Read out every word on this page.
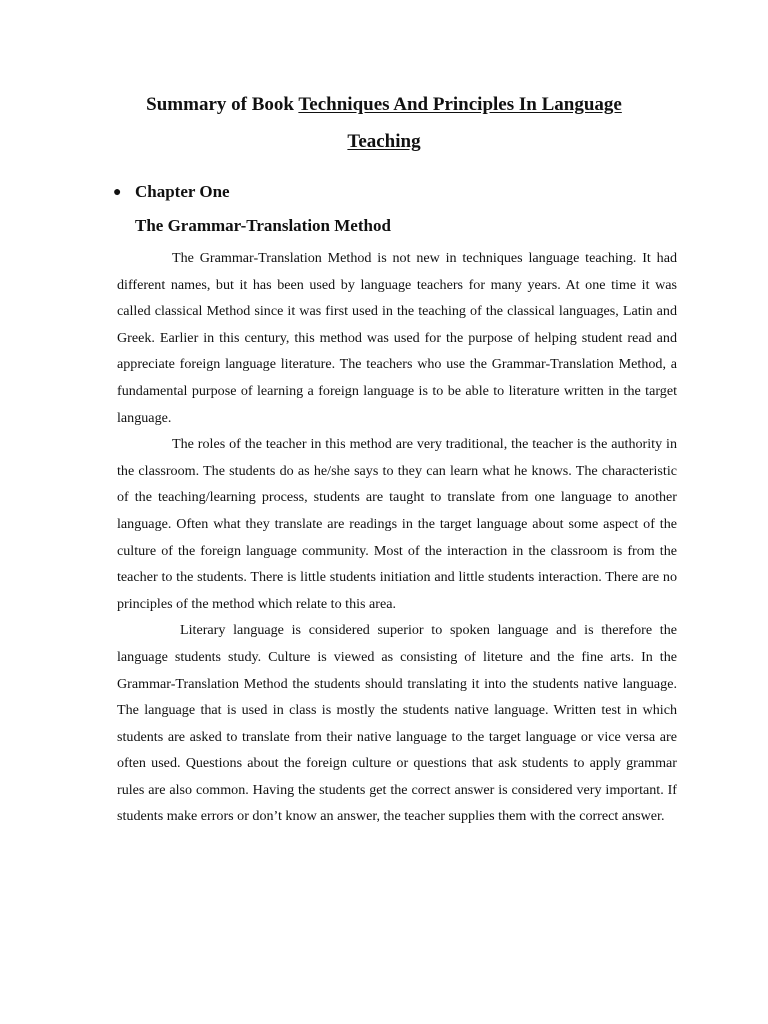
Summary of Book Techniques And Principles In Language
Teaching
● Chapter One
The Grammar-Translation Method

The Grammar-Translation Method is not new in techniques language teaching. It had different names, but it has been used by language teachers for many years. At one time it was called classical Method since it was first used in the teaching of the classical languages, Latin and Greek. Earlier in this century, this method was used for the purpose of helping student read and appreciate foreign language literature. The teachers who use the Grammar-Translation Method, a fundamental purpose of learning a foreign language is to be able to literature written in the target language.

The roles of the teacher in this method are very traditional, the teacher is the authority in the classroom. The students do as he/she says to they can learn what he knows. The characteristic of the teaching/learning process, students are taught to translate from one language to another language. Often what they translate are readings in the target language about some aspect of the culture of the foreign language community. Most of the interaction in the classroom is from the teacher to the students. There is little students initiation and little students interaction. There are no principles of the method which relate to this area.

Literary language is considered superior to spoken language and is therefore the language students study. Culture is viewed as consisting of liteture and the fine arts. In the Grammar-Translation Method the students should translating it into the students native language. The language that is used in class is mostly the students native language. Written test in which students are asked to translate from their native language to the target language or vice versa are often used. Questions about the foreign culture or questions that ask students to apply grammar rules are also common. Having the students get the correct answer is considered very important. If students make errors or don’t know an answer, the teacher supplies them with the correct answer.
